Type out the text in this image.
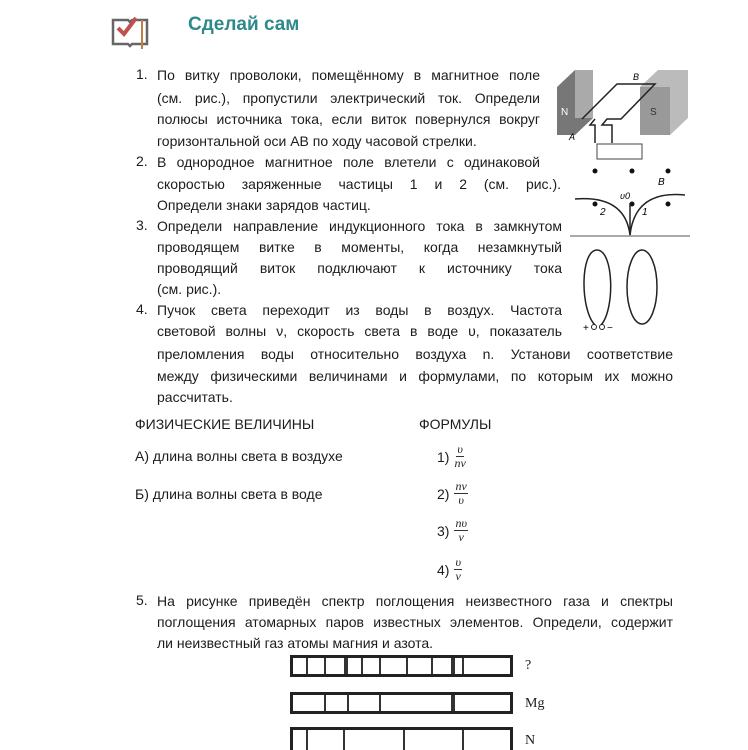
Сделай сам
1. По витку проволоки, помещённому в магнитное поле
(см. рис.), пропустили электрический ток. Определи
полюсы источника тока, если виток повернулся вокруг
горизонтальной оси AB по ходу часовой стрелки.
2. В однородное магнитное поле влетели с одинаковой
скоростью заряженные частицы 1 и 2 (см. рис.).
Определи знаки зарядов частиц.
3. Определи направление индукционного тока в замкнутом
проводящем витке в моменты, когда незамкнутый
проводящий виток подключают к источнику тока
(см. рис.).
4. Пучок света переходит из воды в воздух. Частота
световой волны ν, скорость света в воде υ, показатель
преломления воды относительно воздуха n. Установи соответствие
между физическими величинами и формулами, по которым их можно
рассчитать.
ФИЗИЧЕСКИЕ ВЕЛИЧИНЫ	ФОРМУЛЫ
А) длина волны света в воздухе
Б) длина волны света в воде
$1) \frac{\upsilon}{n\nu}$
$2) \frac{n\nu}{\upsilon}$
$3) \frac{n\upsilon}{\nu}$
$4) \frac{\upsilon}{\nu}$
5. На рисунке приведён спектр поглощения неизвестного газа и спектры
поглощения атомарных паров известных элементов. Определи, содержит
ли неизвестный газ атомы магния и азота.
N	S
A
B
υ0
B
1
2
+ −
?
Mg
N
